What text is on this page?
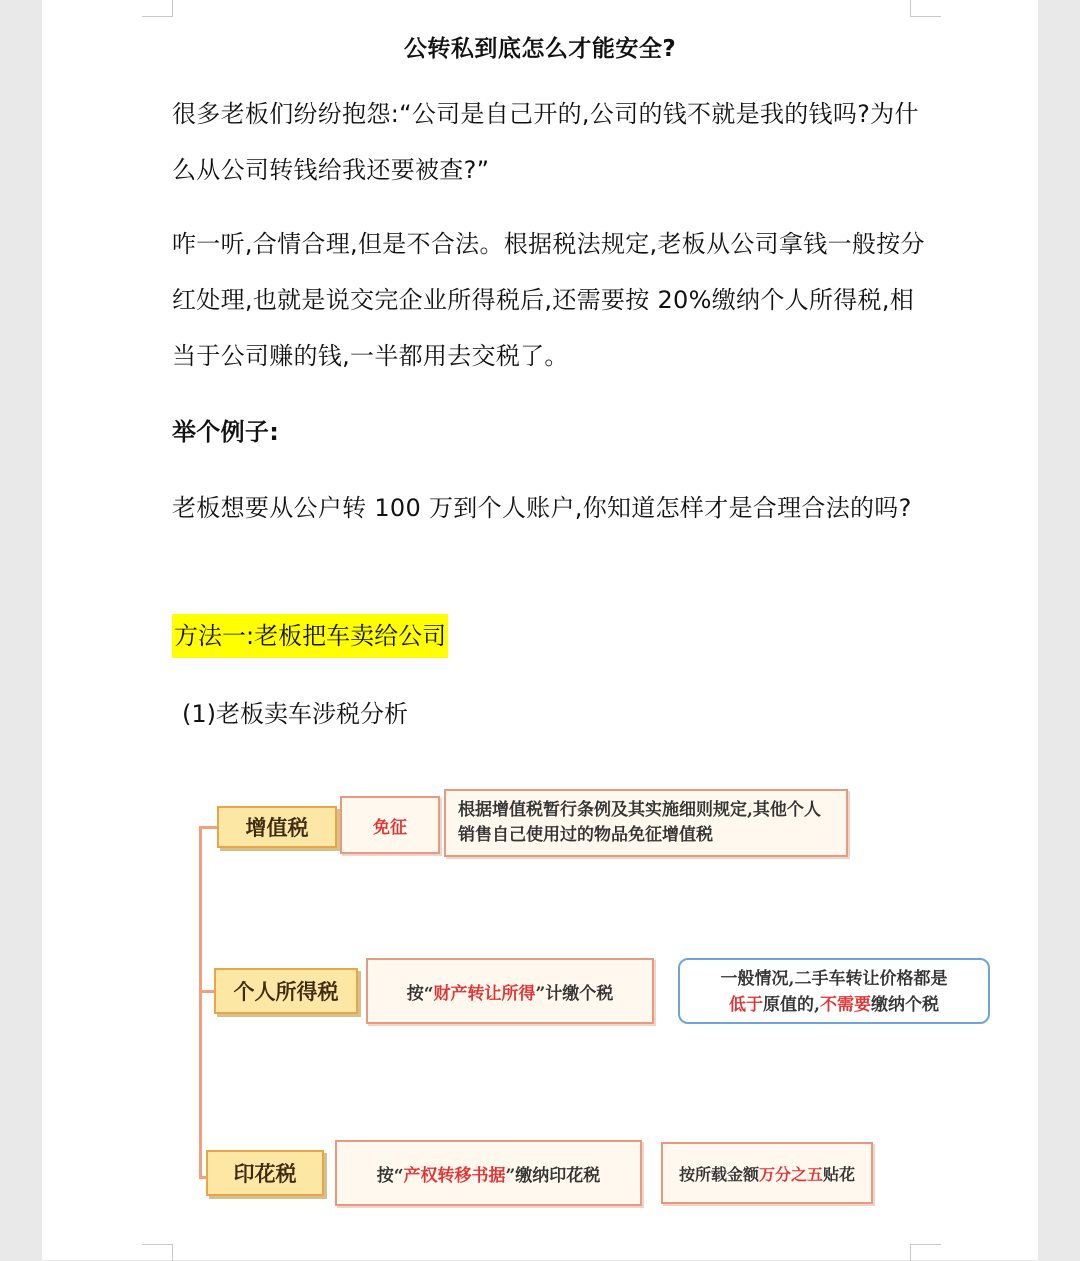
公转私到底怎么才能安全?
很多老板们纷纷抱怨:“公司是自己开的,公司的钱不就是我的钱吗?为什么从公司转钱给我还要被查?”
咋一听,合情合理,但是不合法。根据税法规定,老板从公司拿钱一般按分红处理,也就是说交完企业所得税后,还需要按 20%缴纳个人所得税,相当于公司赚的钱,一半都用去交税了。
举个例子:
老板想要从公户转 100 万到个人账户,你知道怎样才是合理合法的吗?
方法一:老板把车卖给公司
(1)老板卖车涉税分析
增值税	免征
根据增值税暂行条例及其实施细则规定,其他个人销售自己使用过的物品免征增值税
个人所得税	按“财产转让所得”计缴个税
一般情况,二手车转让价格都是
低于原值的,不需要缴纳个税
印花税	按“产权转移书据”缴纳印花税	按所载金额万分之五贴花
